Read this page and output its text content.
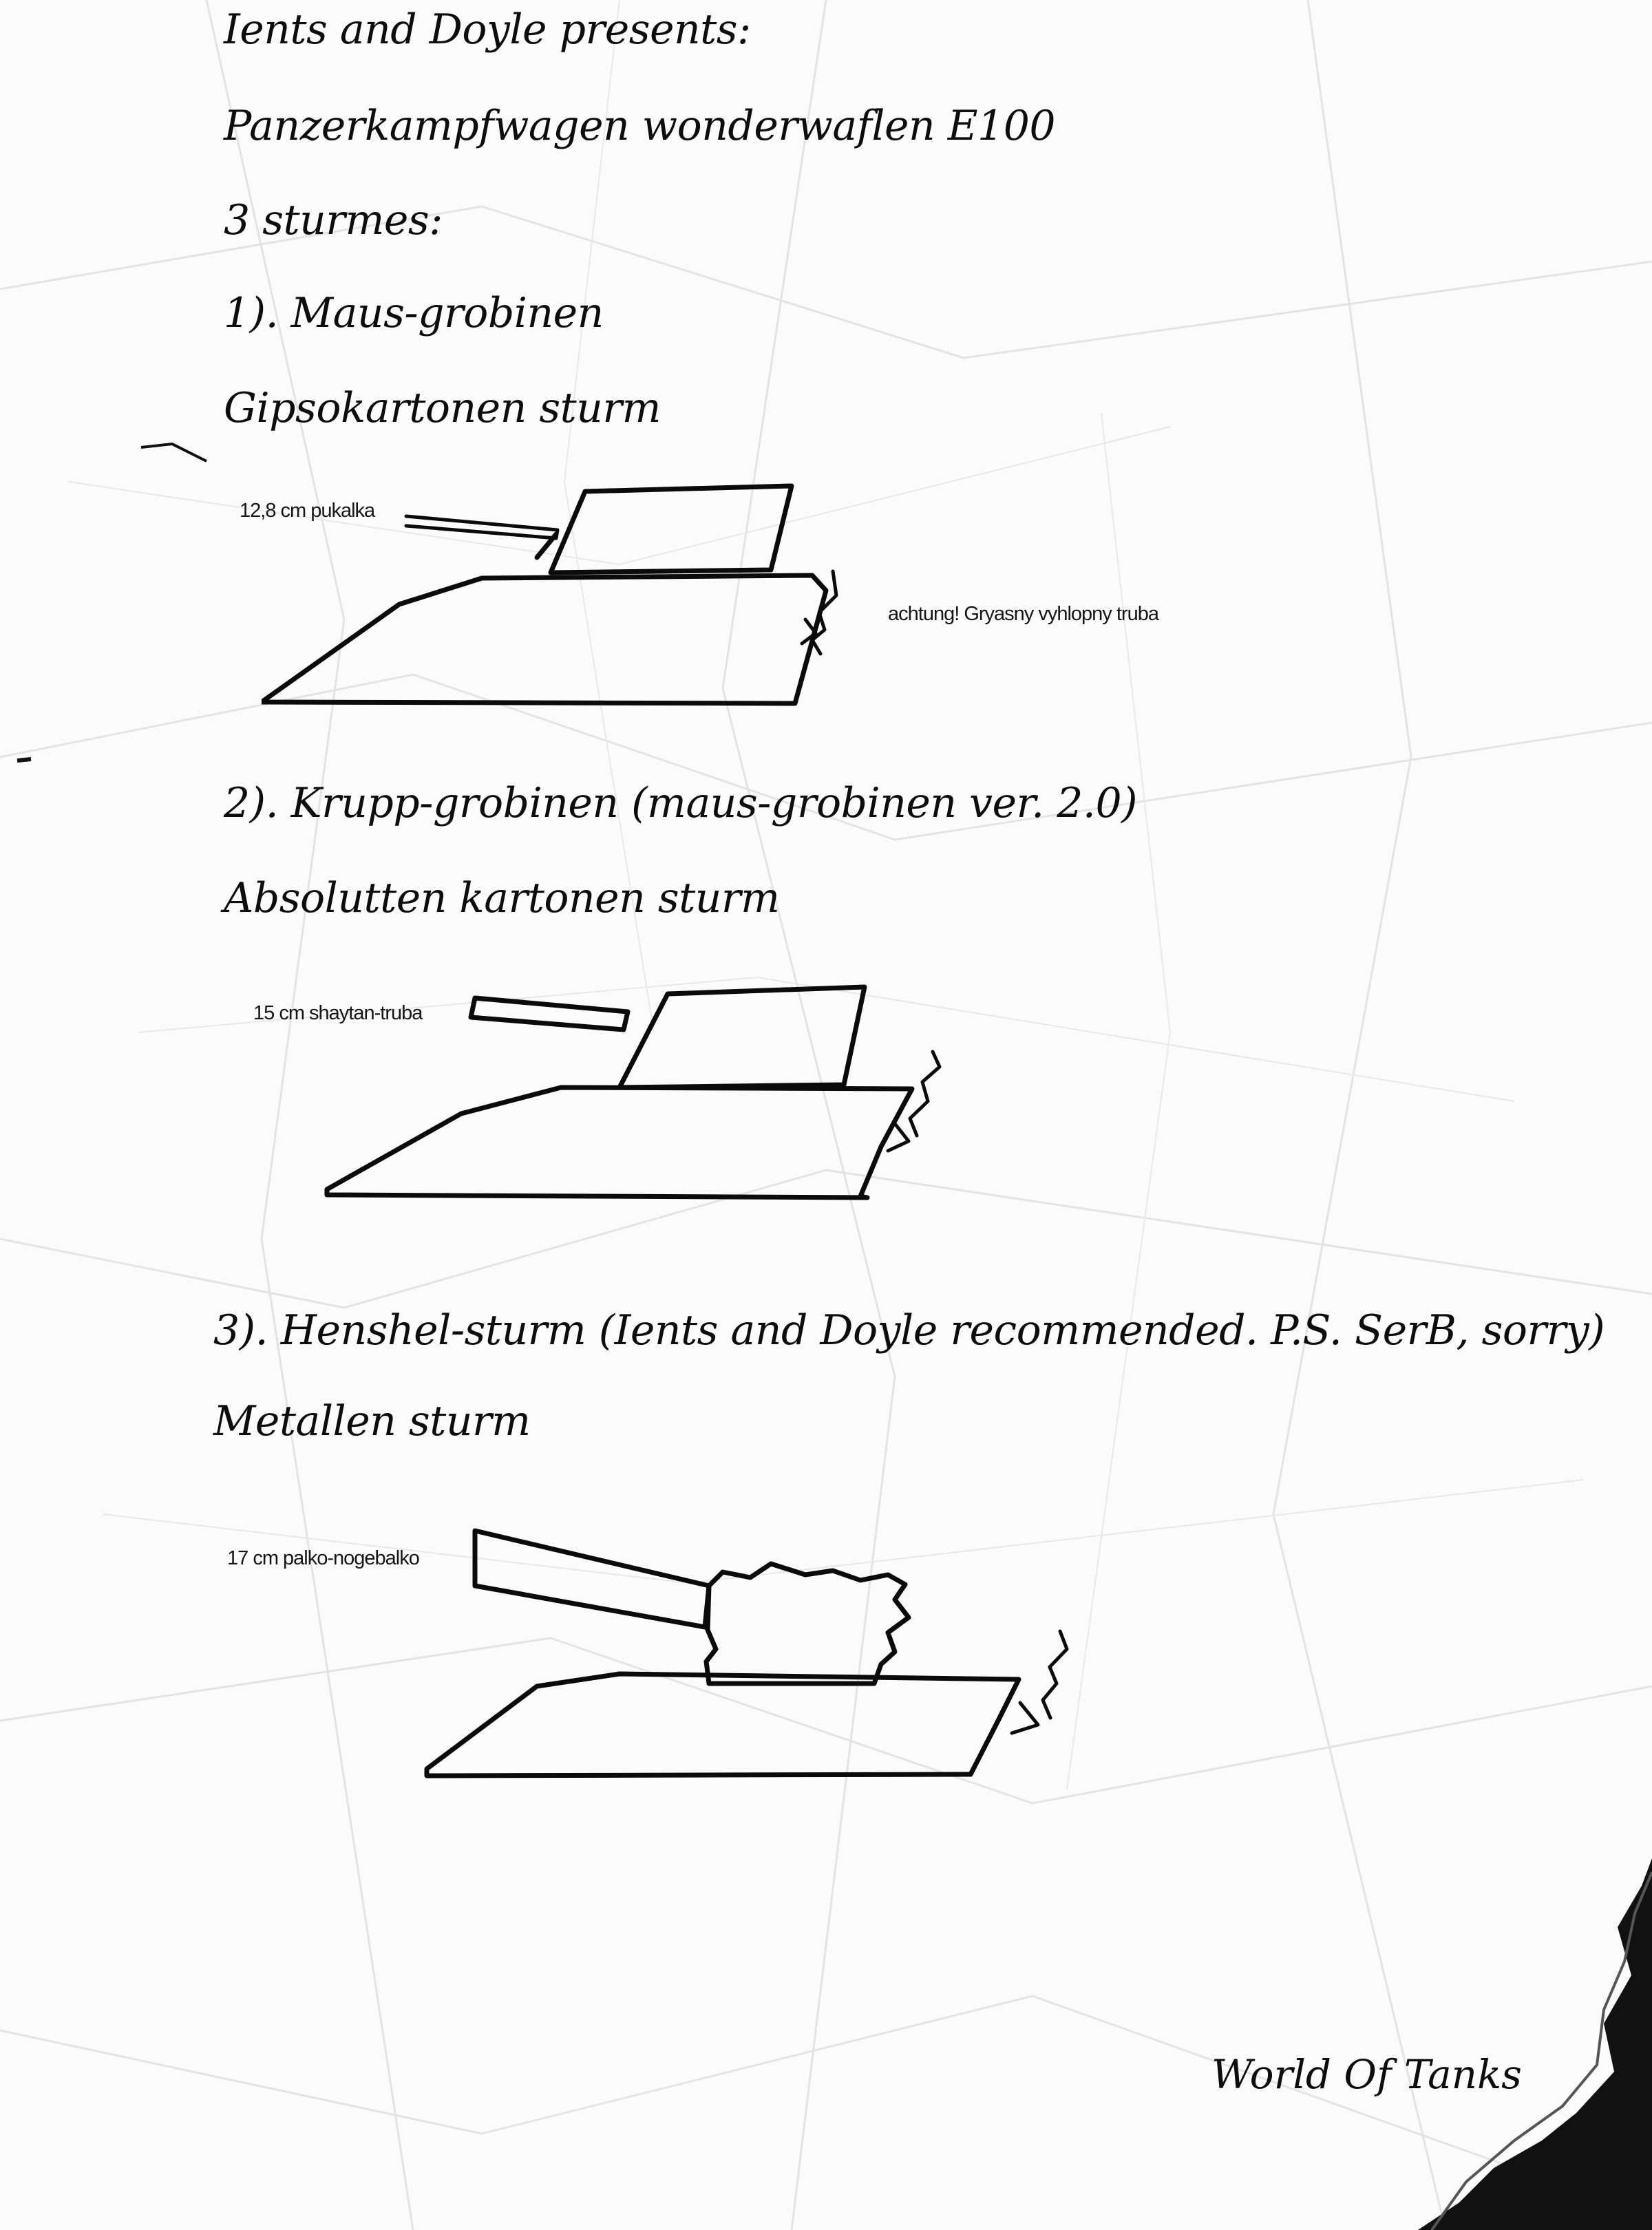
Ients and Doyle presents:
Panzerkampfwagen wonderwaflen E100
3 sturmes:
1). Maus-grobinen
Gipsokartonen sturm
12,8 cm pukalka
achtung! Gryasny vyhlopny truba
2). Krupp-grobinen (maus-grobinen ver. 2.0)
Absolutten kartonen sturm
15 cm shaytan-truba
3). Henshel-sturm (Ients and Doyle recommended. P.S. SerB, sorry)
Metallen sturm
17 cm palko-nogebalko
World Of Tanks
